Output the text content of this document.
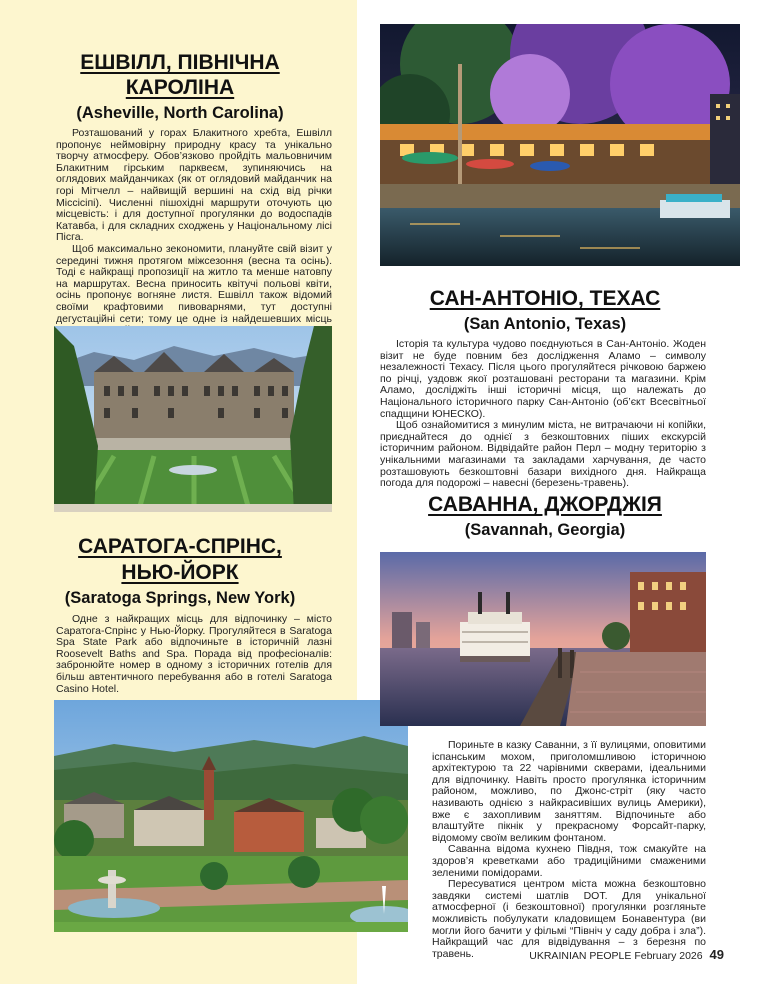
ЕШВІЛЛ, ПІВНІЧНА
КАРОЛІНА
(Asheville, North Carolina)

Розташований у горах Блакитного хребта, Ешвілл пропонує неймовірну природну красу та унікально творчу атмосферу. Обов’язково пройдіть мальовничим Блакитним гірським парквеєм, зупиняючись на оглядових майданчиках (як от оглядовий майданчик на горі Мітчелл – найвищій вершині на схід від річки Міссісіпі). Численні пішохідні маршрути оточують цю місцевість: і для доступної прогулянки до водоспадів Катавба, і для складних сходжень у Національному лісі Пісга.

Щоб максимально зекономити, плануйте свій візит у середині тижня протягом міжсезоння (весна та осінь). Тоді є найкращі пропозиції на житло та менше натовпу на маршрутах. Весна приносить квітучі польові квіти, осінь пропонує вогняне листя. Ешвілл також відомий своїми крафтовими пивоварнями, тут доступні дегустаційні сети; тому це одне із найдешевших місць

САРАТОГА-СПРІНС,
НЬЮ-ЙОРК
(Saratoga Springs, New York)

Одне з найкращих місць для відпочинку – місто Саратога-Спрінс у Нью-Йорку. Прогуляйтеся в Saratoga Spa State Park або відпочиньте в історичній лазні Roosevelt Baths and Spa. Порада від професіоналів: забронюйте номер в одному з історичних готелів для більш автентичного перебування або в готелі Saratoga Casino Hotel.

САН-АНТОНІО, ТЕХАС
(San Antonio, Texas)

Історія та культура чудово поєднуються в Сан-Антоніо. Жоден візит не буде повним без дослідження Аламо – символу незалежності Техасу. Після цього прогуляйтеся річковою баржею по річці, уздовж якої розташовані ресторани та магазини. Крім Аламо, досліджіть інші історичні місця, що належать до Національного історичного парку Сан-Антоніо (об’єкт Всесвітньої спадщини ЮНЕСКО).

Щоб ознайомитися з минулим міста, не витрачаючи ні копійки, приєднайтеся до однієї з безкоштовних піших екскурсій історичним районом. Відвідайте район Перл – модну територію з унікальними магазинами та закладами харчування, де часто розташовують безкоштовні базари вихідного дня. Найкраща погода для подорожі – навесні (березень-травень).

САВАННА, ДЖОРДЖІЯ
(Savannah, Georgia)

Пориньте в казку Саванни, з її вулицями, оповитими іспанським мохом, приголомшливою історичною архітектурою та 22 чарівними скверами, ідеальними для відпочинку. Навіть просто прогулянка історичним районом, можливо, по Джонс-стріт (яку часто називають однією з найкрасивіших вулиць Америки), вже є захопливим заняттям. Відпочиньте або влаштуйте пікнік у прекрасному Форсайт-парку, відомому своїм великим фонтаном.

Саванна відома кухнею Півдня, тож смакуйте на здоров’я креветками або традиційними смаженими зеленими помідорами.

Пересуватися центром міста можна безкоштовно завдяки системі шатлів DOT. Для унікальної атмосферної (і безкоштовної) прогулянки розгляньте можливість побулукати кладовищем Бонавентура (ви могли його бачити у фільмі “Північ у саду добра і зла”). Найкращий час для відвідування – з березня по травень.	UKRAINIAN PEOPLE February 2026 49
